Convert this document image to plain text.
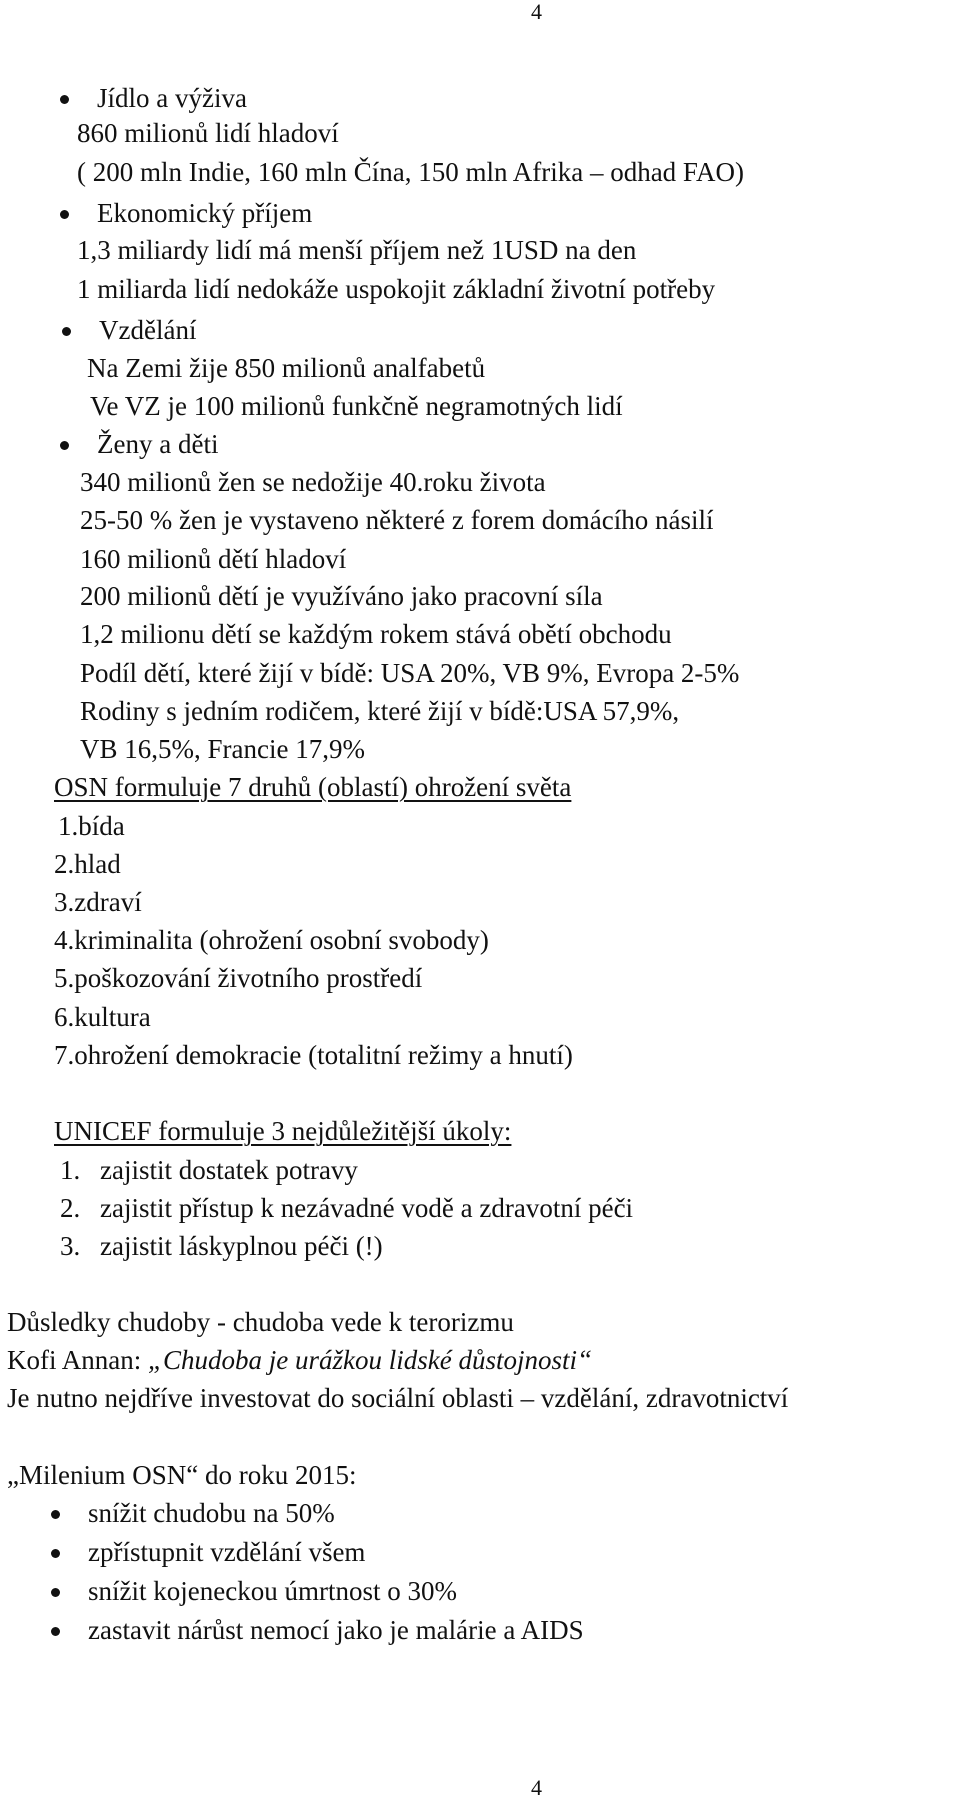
4
Jídlo a výživa
860 milionů lidí hladoví
( 200 mln Indie, 160 mln Čína, 150 mln Afrika – odhad FAO)
Ekonomický příjem
1,3 miliardy lidí má menší příjem než 1USD na den
1 miliarda lidí nedokáže uspokojit základní životní potřeby
Vzdělání
Na Zemi žije 850 milionů analfabetů
Ve VZ je 100 milionů funkčně negramotných lidí
Ženy a děti
340 milionů žen se nedožije 40.roku života
25-50 % žen je vystaveno některé z forem domácího násilí
160 milionů dětí hladoví
200 milionů dětí je využíváno jako pracovní síla
1,2 milionu dětí se každým rokem stává obětí obchodu
Podíl dětí, které žijí v bídě: USA 20%, VB 9%, Evropa 2-5%
Rodiny s jedním rodičem, které žijí v bídě:USA 57,9%,
VB 16,5%, Francie 17,9%
OSN formuluje 7 druhů (oblastí) ohrožení světa
1.bída
2.hlad
3.zdraví
4.kriminalita (ohrožení osobní svobody)
5.poškozování životního prostředí
6.kultura
7.ohrožení demokracie (totalitní režimy a hnutí)
UNICEF formuluje 3 nejdůležitější úkoly:
1. zajistit dostatek potravy
2. zajistit přístup k nezávadné vodě a zdravotní péči
3. zajistit láskyplnou péči (!)
Důsledky chudoby - chudoba vede k terorizmu
Kofi Annan: „Chudoba je urážkou lidské důstojnosti“
Je nutno nejdříve investovat do sociální oblasti – vzdělání, zdravotnictví
„Milenium OSN“ do roku 2015:
snížit chudobu na 50%
zpřístupnit vzdělání všem
snížit kojeneckou úmrtnost o 30%
zastavit nárůst nemocí jako je malárie a AIDS
4
